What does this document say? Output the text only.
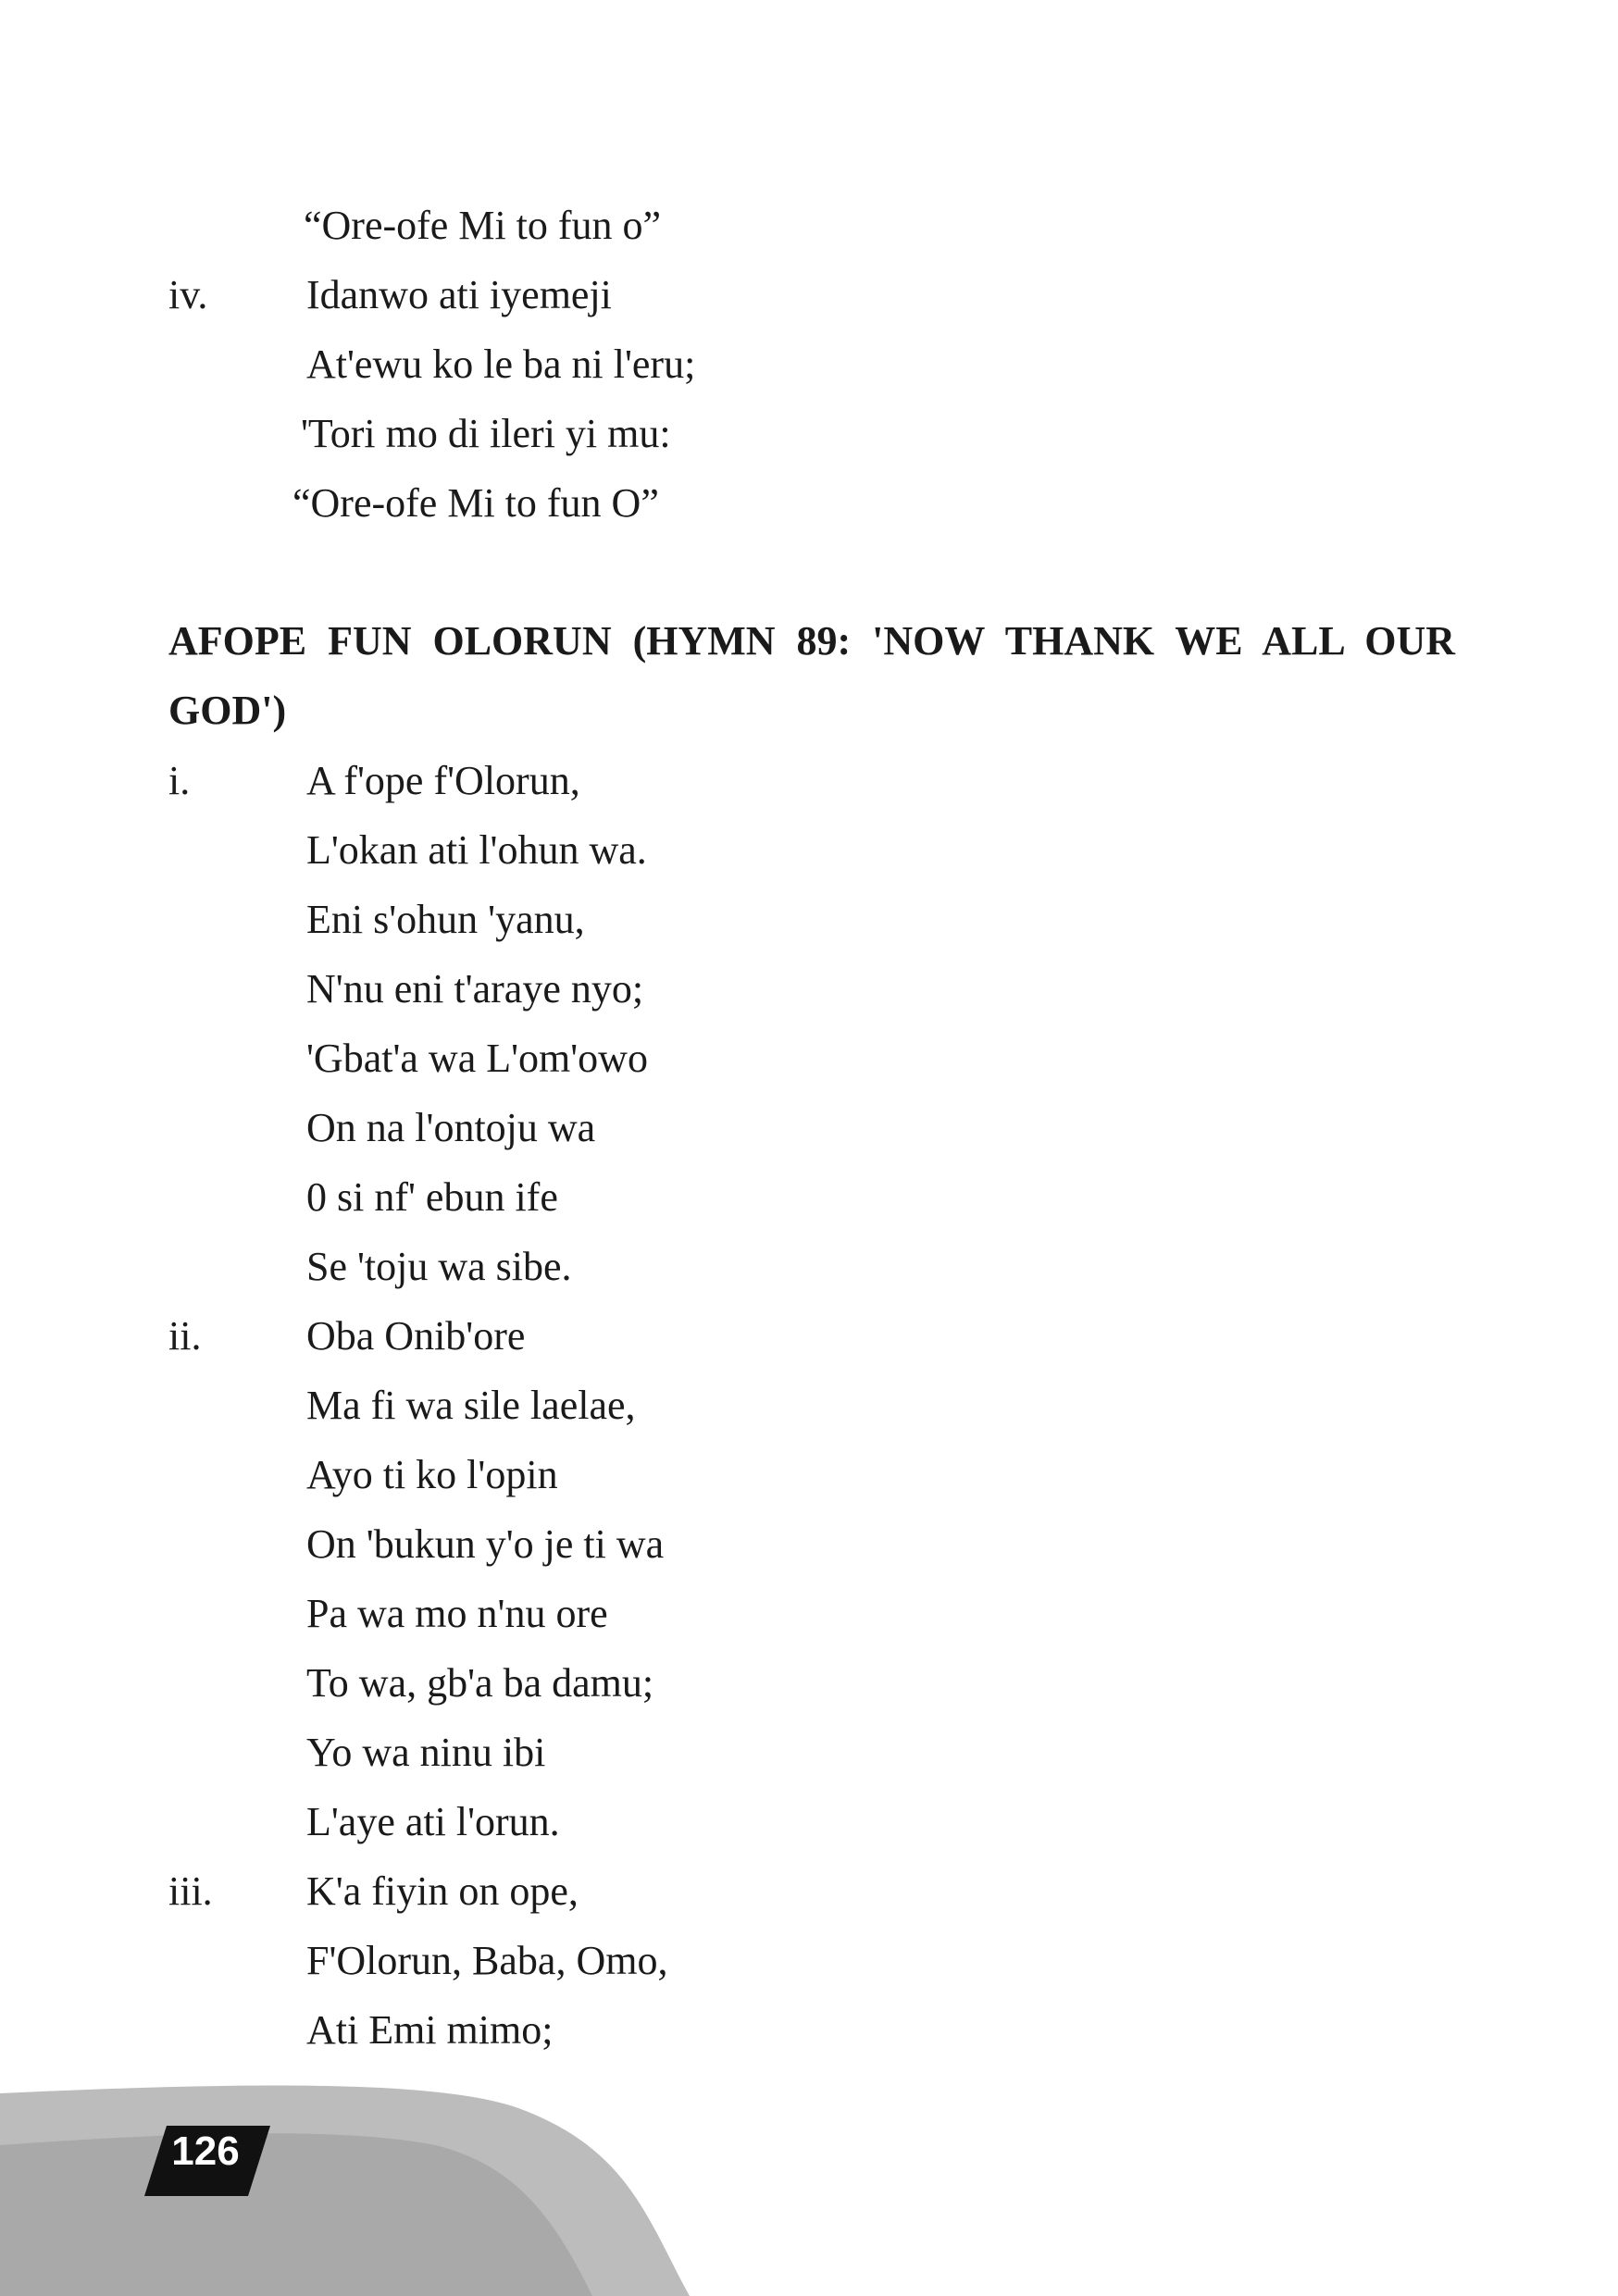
126
“Ore-ofe Mi to fun o”
iv. Idanwo ati iyemeji
At'ewu ko le ba ni l'eru;
'Tori mo di ileri yi mu:
“Ore-ofe Mi to fun O”
AFOPE FUN OLORUN (HYMN 89: 'NOW THANK WE ALL OUR GOD')
i.	A f'ope f'Olorun,
L'okan ati l'ohun wa.
Eni s'ohun 'yanu,
N'nu eni t'araye nyo;
'Gbat'a wa L'om'owo
On na l'ontoju wa
0 si nf' ebun ife
Se 'toju wa sibe.
ii.	Oba Onib'ore
Ma fi wa sile laelae,
Ayo ti ko l'opin
On 'bukun y'o je ti wa
Pa wa mo n'nu ore
To wa, gb'a ba damu;
Yo wa ninu ibi
L'aye ati l'orun.
iii. K'a fiyin on ope,
F'Olorun, Baba, Omo,
Ati Emi mimo;
